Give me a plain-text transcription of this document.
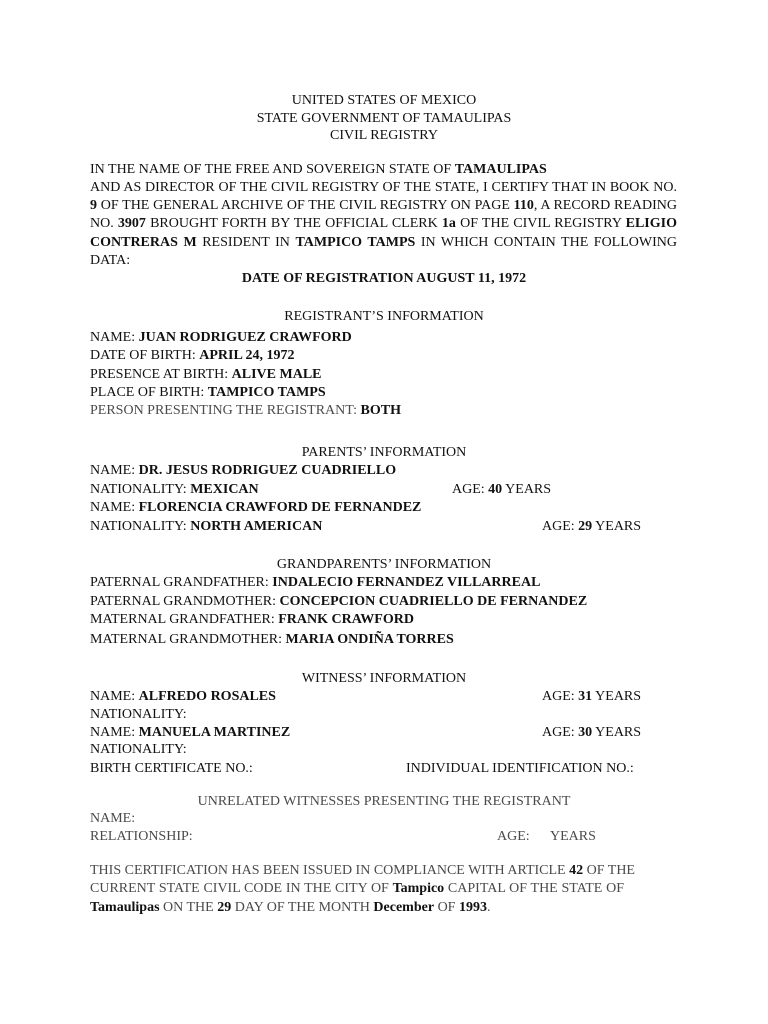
UNITED STATES OF MEXICO
STATE GOVERNMENT OF TAMAULIPAS
CIVIL REGISTRY
IN THE NAME OF THE FREE AND SOVEREIGN STATE OF TAMAULIPAS
AND AS DIRECTOR OF THE CIVIL REGISTRY OF THE STATE, I CERTIFY THAT IN BOOK NO.
9 OF THE GENERAL ARCHIVE OF THE CIVIL REGISTRY ON PAGE 110, A RECORD READING
NO. 3907 BROUGHT FORTH BY THE OFFICIAL CLERK 1a OF THE CIVIL REGISTRY ELIGIO
CONTRERAS M RESIDENT IN TAMPICO TAMPS IN WHICH CONTAIN THE FOLLOWING
DATA:
DATE OF REGISTRATION AUGUST 11, 1972
REGISTRANT’S INFORMATION
NAME: JUAN RODRIGUEZ CRAWFORD
DATE OF BIRTH: APRIL 24, 1972
PRESENCE AT BIRTH: ALIVE MALE
PLACE OF BIRTH: TAMPICO TAMPS
PERSON PRESENTING THE REGISTRANT: BOTH
PARENTS’ INFORMATION
NAME: DR. JESUS RODRIGUEZ CUADRIELLO
NATIONALITY: MEXICAN	AGE: 40 YEARS
NAME: FLORENCIA CRAWFORD DE FERNANDEZ
NATIONALITY: NORTH AMERICAN	AGE: 29 YEARS
GRANDPARENTS’ INFORMATION
PATERNAL GRANDFATHER: INDALECIO FERNANDEZ VILLARREAL
PATERNAL GRANDMOTHER: CONCEPCION CUADRIELLO DE FERNANDEZ
MATERNAL GRANDFATHER: FRANK CRAWFORD
MATERNAL GRANDMOTHER: MARIA ONDIÑA TORRES
WITNESS’ INFORMATION
NAME: ALFREDO ROSALES	AGE: 31 YEARS
NATIONALITY:
NAME: MANUELA MARTINEZ	AGE: 30 YEARS
NATIONALITY:
BIRTH CERTIFICATE NO.:	INDIVIDUAL IDENTIFICATION NO.:
UNRELATED WITNESSES PRESENTING THE REGISTRANT
NAME:
RELATIONSHIP:	AGE: YEARS
THIS CERTIFICATION HAS BEEN ISSUED IN COMPLIANCE WITH ARTICLE 42 OF THE
CURRENT STATE CIVIL CODE IN THE CITY OF Tampico CAPITAL OF THE STATE OF
Tamaulipas ON THE 29 DAY OF THE MONTH December OF 1993.
